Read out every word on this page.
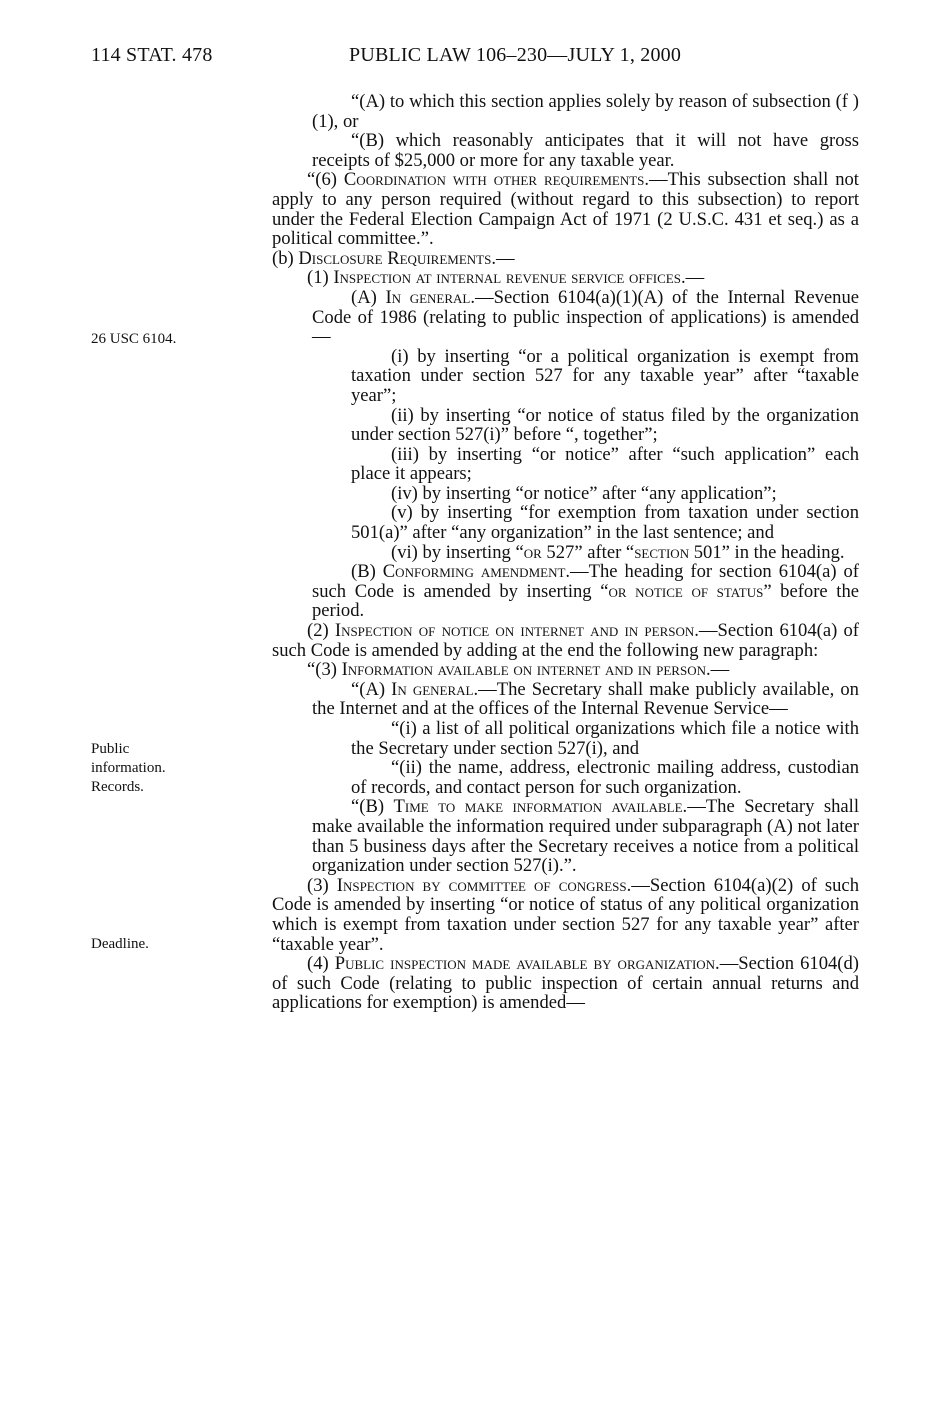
114 STAT. 478	PUBLIC LAW 106–230—JULY 1, 2000
26 USC 6104.
Public
information.
Records.
Deadline.

“(A) to which this section applies solely by reason of subsection (f )(1), or

“(B) which reasonably anticipates that it will not have gross receipts of $25,000 or more for any taxable year.

“(6) Coordination with other requirements.—This subsection shall not apply to any person required (without regard to this subsection) to report under the Federal Election Campaign Act of 1971 (2 U.S.C. 431 et seq.) as a political committee.”.

(b) Disclosure Requirements.—

(1) Inspection at internal revenue service offices.—

(A) In general.—Section 6104(a)(1)(A) of the Internal Revenue Code of 1986 (relating to public inspection of applications) is amended—

(i) by inserting “or a political organization is exempt from taxation under section 527 for any taxable year” after “taxable year”;

(ii) by inserting “or notice of status filed by the organization under section 527(i)” before “, together”;

(iii) by inserting “or notice” after “such application” each place it appears;

(iv) by inserting “or notice” after “any application”;

(v) by inserting “for exemption from taxation under section 501(a)” after “any organization” in the last sentence; and

(vi) by inserting “or 527” after “section 501” in the heading.

(B) Conforming amendment.—The heading for section 6104(a) of such Code is amended by inserting “or notice of status” before the period.

(2) Inspection of notice on internet and in person.—Section 6104(a) of such Code is amended by adding at the end the following new paragraph:

“(3) Information available on internet and in person.—

“(A) In general.—The Secretary shall make publicly available, on the Internet and at the offices of the Internal Revenue Service—

“(i) a list of all political organizations which file a notice with the Secretary under section 527(i), and

“(ii) the name, address, electronic mailing address, custodian of records, and contact person for such organization.

“(B) Time to make information available.—The Secretary shall make available the information required under subparagraph (A) not later than 5 business days after the Secretary receives a notice from a political organization under section 527(i).”.

(3) Inspection by committee of congress.—Section 6104(a)(2) of such Code is amended by inserting “or notice of status of any political organization which is exempt from taxation under section 527 for any taxable year” after “taxable year”.

(4) Public inspection made available by organization.—Section 6104(d) of such Code (relating to public inspection of certain annual returns and applications for exemption) is amended—
